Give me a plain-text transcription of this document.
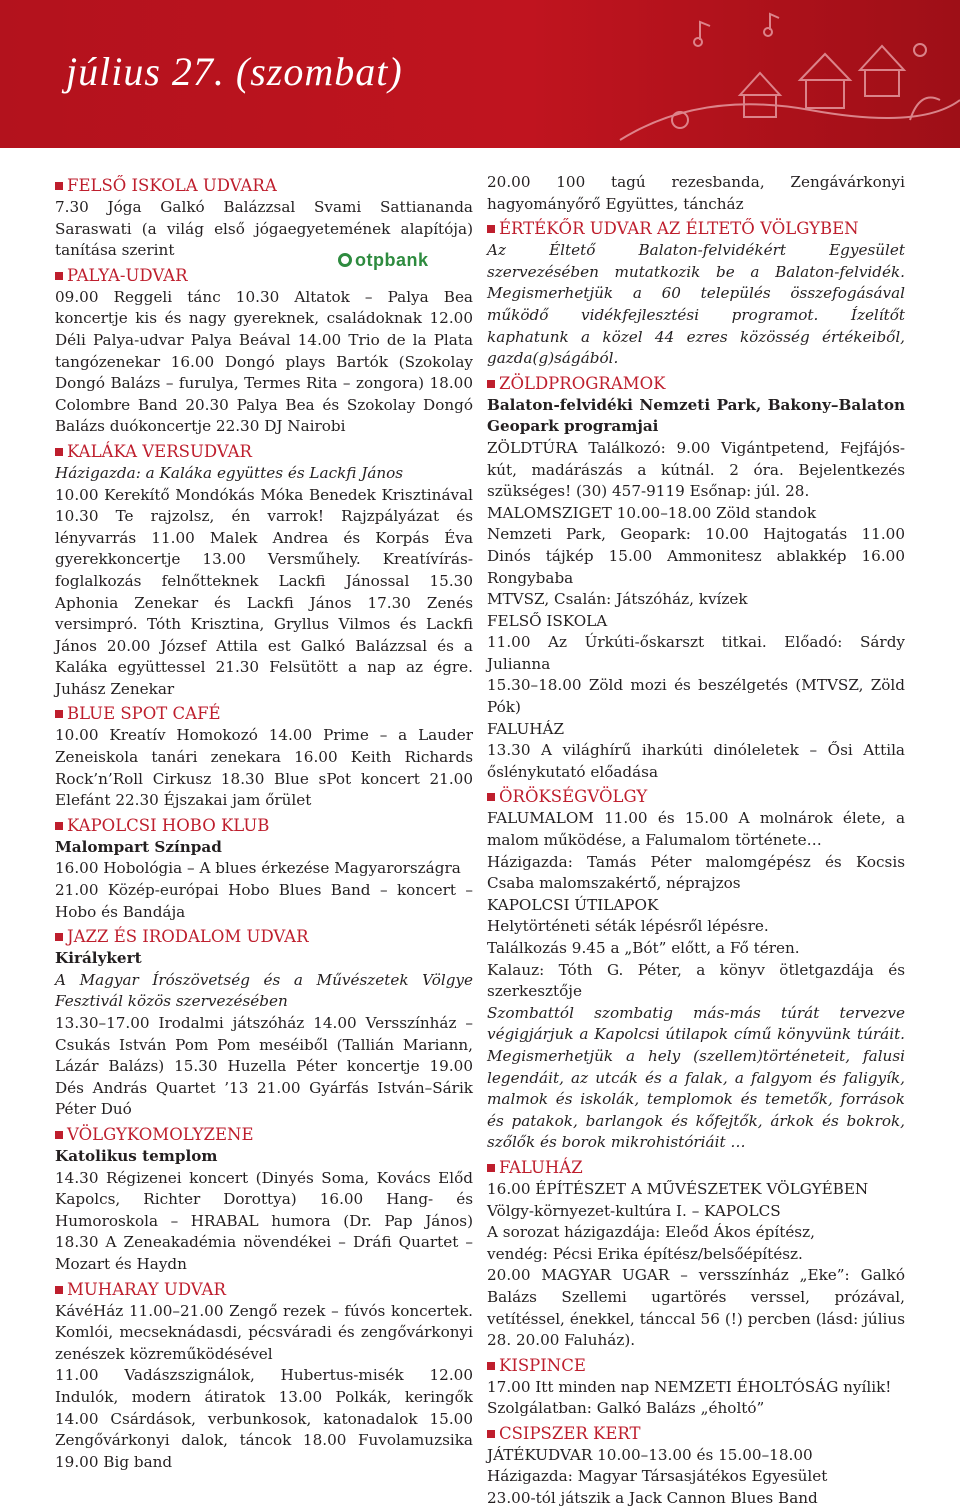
július 27. (szombat)
otpbank
FELSŐ ISKOLA UDVARA

7.30 Jóga Galkó Balázzsal Svami Sattiananda Saraswati (a világ első jógaegyetemének alapítója) tanítása szerint

PALYA-UDVAR

09.00 Reggeli tánc 10.30 Altatok – Palya Bea koncertje kis és nagy gyereknek, családoknak 12.00 Déli Palya-udvar Palya Beával 14.00 Trio de la Plata tangózenekar 16.00 Dongó plays Bartók (Szokolay Dongó Balázs – furulya, Termes Rita – zongora) 18.00 Colombre Band 20.30 Palya Bea és Szokolay Dongó Balázs duókoncertje 22.30 DJ Nairobi

KALÁKA VERSUDVAR

Házigazda: a Kaláka együttes és Lackfi János

10.00 Kerekítő Mondókás Móka Benedek Krisztinával 10.30 Te rajzolsz, én varrok! Rajzpályázat és lényvarrás 11.00 Malek Andrea és Korpás Éva gyerekkoncertje 13.00 Versműhely. Kreatívírás-foglalkozás felnőtteknek Lackfi Jánossal 15.30 Aphonia Zenekar és Lackfi János 17.30 Zenés versimpró. Tóth Krisztina, Gryllus Vilmos és Lackfi János 20.00 József Attila est Galkó Balázzsal és a Kaláka együttessel 21.30 Felsütött a nap az égre. Juhász Zenekar

BLUE SPOT CAFÉ

10.00 Kreatív Homokozó 14.00 Prime – a Lauder Zeneiskola tanári zenekara 16.00 Keith Richards Rock’n’Roll Cirkusz 18.30 Blue sPot koncert 21.00 Elefánt 22.30 Éjszakai jam őrület

KAPOLCSI HOBO KLUB

Malompart Színpad

16.00 Hobológia – A blues érkezése Magyarországra

21.00 Közép-európai Hobo Blues Band – koncert – Hobo és Bandája

JAZZ ÉS IRODALOM UDVAR

Királykert

A Magyar Írószövetség és a Művészetek Völgye Fesztivál közös szervezésében

13.30–17.00 Irodalmi játszóház 14.00 Versszínház – Csukás István Pom Pom meséiből (Tallián Mariann, Lázár Balázs) 15.30 Huzella Péter koncertje 19.00 Dés András Quartet ’13 21.00 Gyárfás István–Sárik Péter Duó

VÖLGYKOMOLYZENE

Katolikus templom

14.30 Régizenei koncert (Dinyés Soma, Kovács Előd Kapolcs, Richter Dorottya) 16.00 Hang- és Humoroskola – HRABAL humora (Dr. Pap János) 18.30 A Zeneakadémia növendékei – Dráfi Quartet – Mozart és Haydn

MUHARAY UDVAR

KávéHáz 11.00–21.00 Zengő rezek – fúvós koncertek. Komlói, mecseknádasdi, pécsváradi és zengővárkonyi zenészek közreműködésével

11.00 Vadászszignálok, Hubertus-misék 12.00 Indulók, modern átiratok 13.00 Polkák, keringők 14.00 Csárdások, verbunkosok, katonadalok 15.00 Zengővárkonyi dalok, táncok 18.00 Fuvolamuzsika 19.00 Big band

20.00 100 tagú rezesbanda, Zengávárkonyi hagyományőrő Együttes, táncház

ÉRTÉKŐR UDVAR AZ ÉLTETŐ VÖLGYBEN

Az Éltető Balaton-felvidékért Egyesület szervezésében mutatkozik be a Balaton-felvidék. Megismerhetjük a 60 település összefogásával működő vidékfejlesztési programot. Ízelítőt kaphatunk a közel 44 ezres közösség értékeiből, gazda(g)ságából.

ZÖLDPROGRAMOK

Balaton-felvidéki Nemzeti Park, Bakony–Balaton Geopark programjai

ZÖLDTÚRA Találkozó: 9.00 Vigántpetend, Fejfájós-kút, madárászás a kútnál. 2 óra. Bejelentkezés szükséges! (30) 457-9119 Esőnap: júl. 28.

MALOMSZIGET 10.00–18.00 Zöld standok

Nemzeti Park, Geopark: 10.00 Hajtogatás 11.00 Dinós tájkép 15.00 Ammonitesz ablakkép 16.00 Rongybaba

MTVSZ, Csalán: Játszóház, kvízek

FELSŐ ISKOLA

11.00 Az Úrkúti-őskarszt titkai. Előadó: Sárdy Julianna

15.30–18.00 Zöld mozi és beszélgetés (MTVSZ, Zöld Pók)

FALUHÁZ

13.30 A világhírű iharkúti dinóleletek – Ősi Attila őslénykutató előadása

ÖRÖKSÉGVÖLGY

FALUMALOM 11.00 és 15.00 A molnárok élete, a malom működése, a Falumalom története…

Házigazda: Tamás Péter malomgépész és Kocsis Csaba malomszakértő, néprajzos

KAPOLCSI ÚTILAPOK

Helytörténeti séták lépésről lépésre.

Találkozás 9.45 a „Bót” előtt, a Fő téren.

Kalauz: Tóth G. Péter, a könyv ötletgazdája és szerkesztője

Szombattól szombatig más-más túrát tervezve végigjárjuk a Kapolcsi útilapok című könyvünk túráit. Megismerhetjük a hely (szellem)történeteit, falusi legendáit, az utcák és a falak, a falgyom és faligyík, malmok és iskolák, templomok és temetők, források és patakok, barlangok és kőfejtők, árkok és bokrok, szőlők és borok mikrohistóriáit …

FALUHÁZ

16.00 ÉPÍTÉSZET A MŰVÉSZETEK VÖLGYÉBEN

Völgy-környezet-kultúra I. – KAPOLCS

A sorozat házigazdája: Eleőd Ákos építész,

vendég: Pécsi Erika építész/belsőépítész.

20.00 MAGYAR UGAR – versszínház „Eke”: Galkó Balázs Szellemi ugartörés verssel, prózával, vetítéssel, énekkel, tánccal 56 (!) percben (lásd: július 28. 20.00 Faluház).

KISPINCE

17.00 Itt minden nap NEMZETI ÉHOLTÓSÁG nyílik!

Szolgálatban: Galkó Balázs „éholtó”

CSIPSZER KERT

JÁTÉKUDVAR 10.00–13.00 és 15.00–18.00

Házigazda: Magyar Társasjátékos Egyesület

23.00-tól játszik a Jack Cannon Blues Band
